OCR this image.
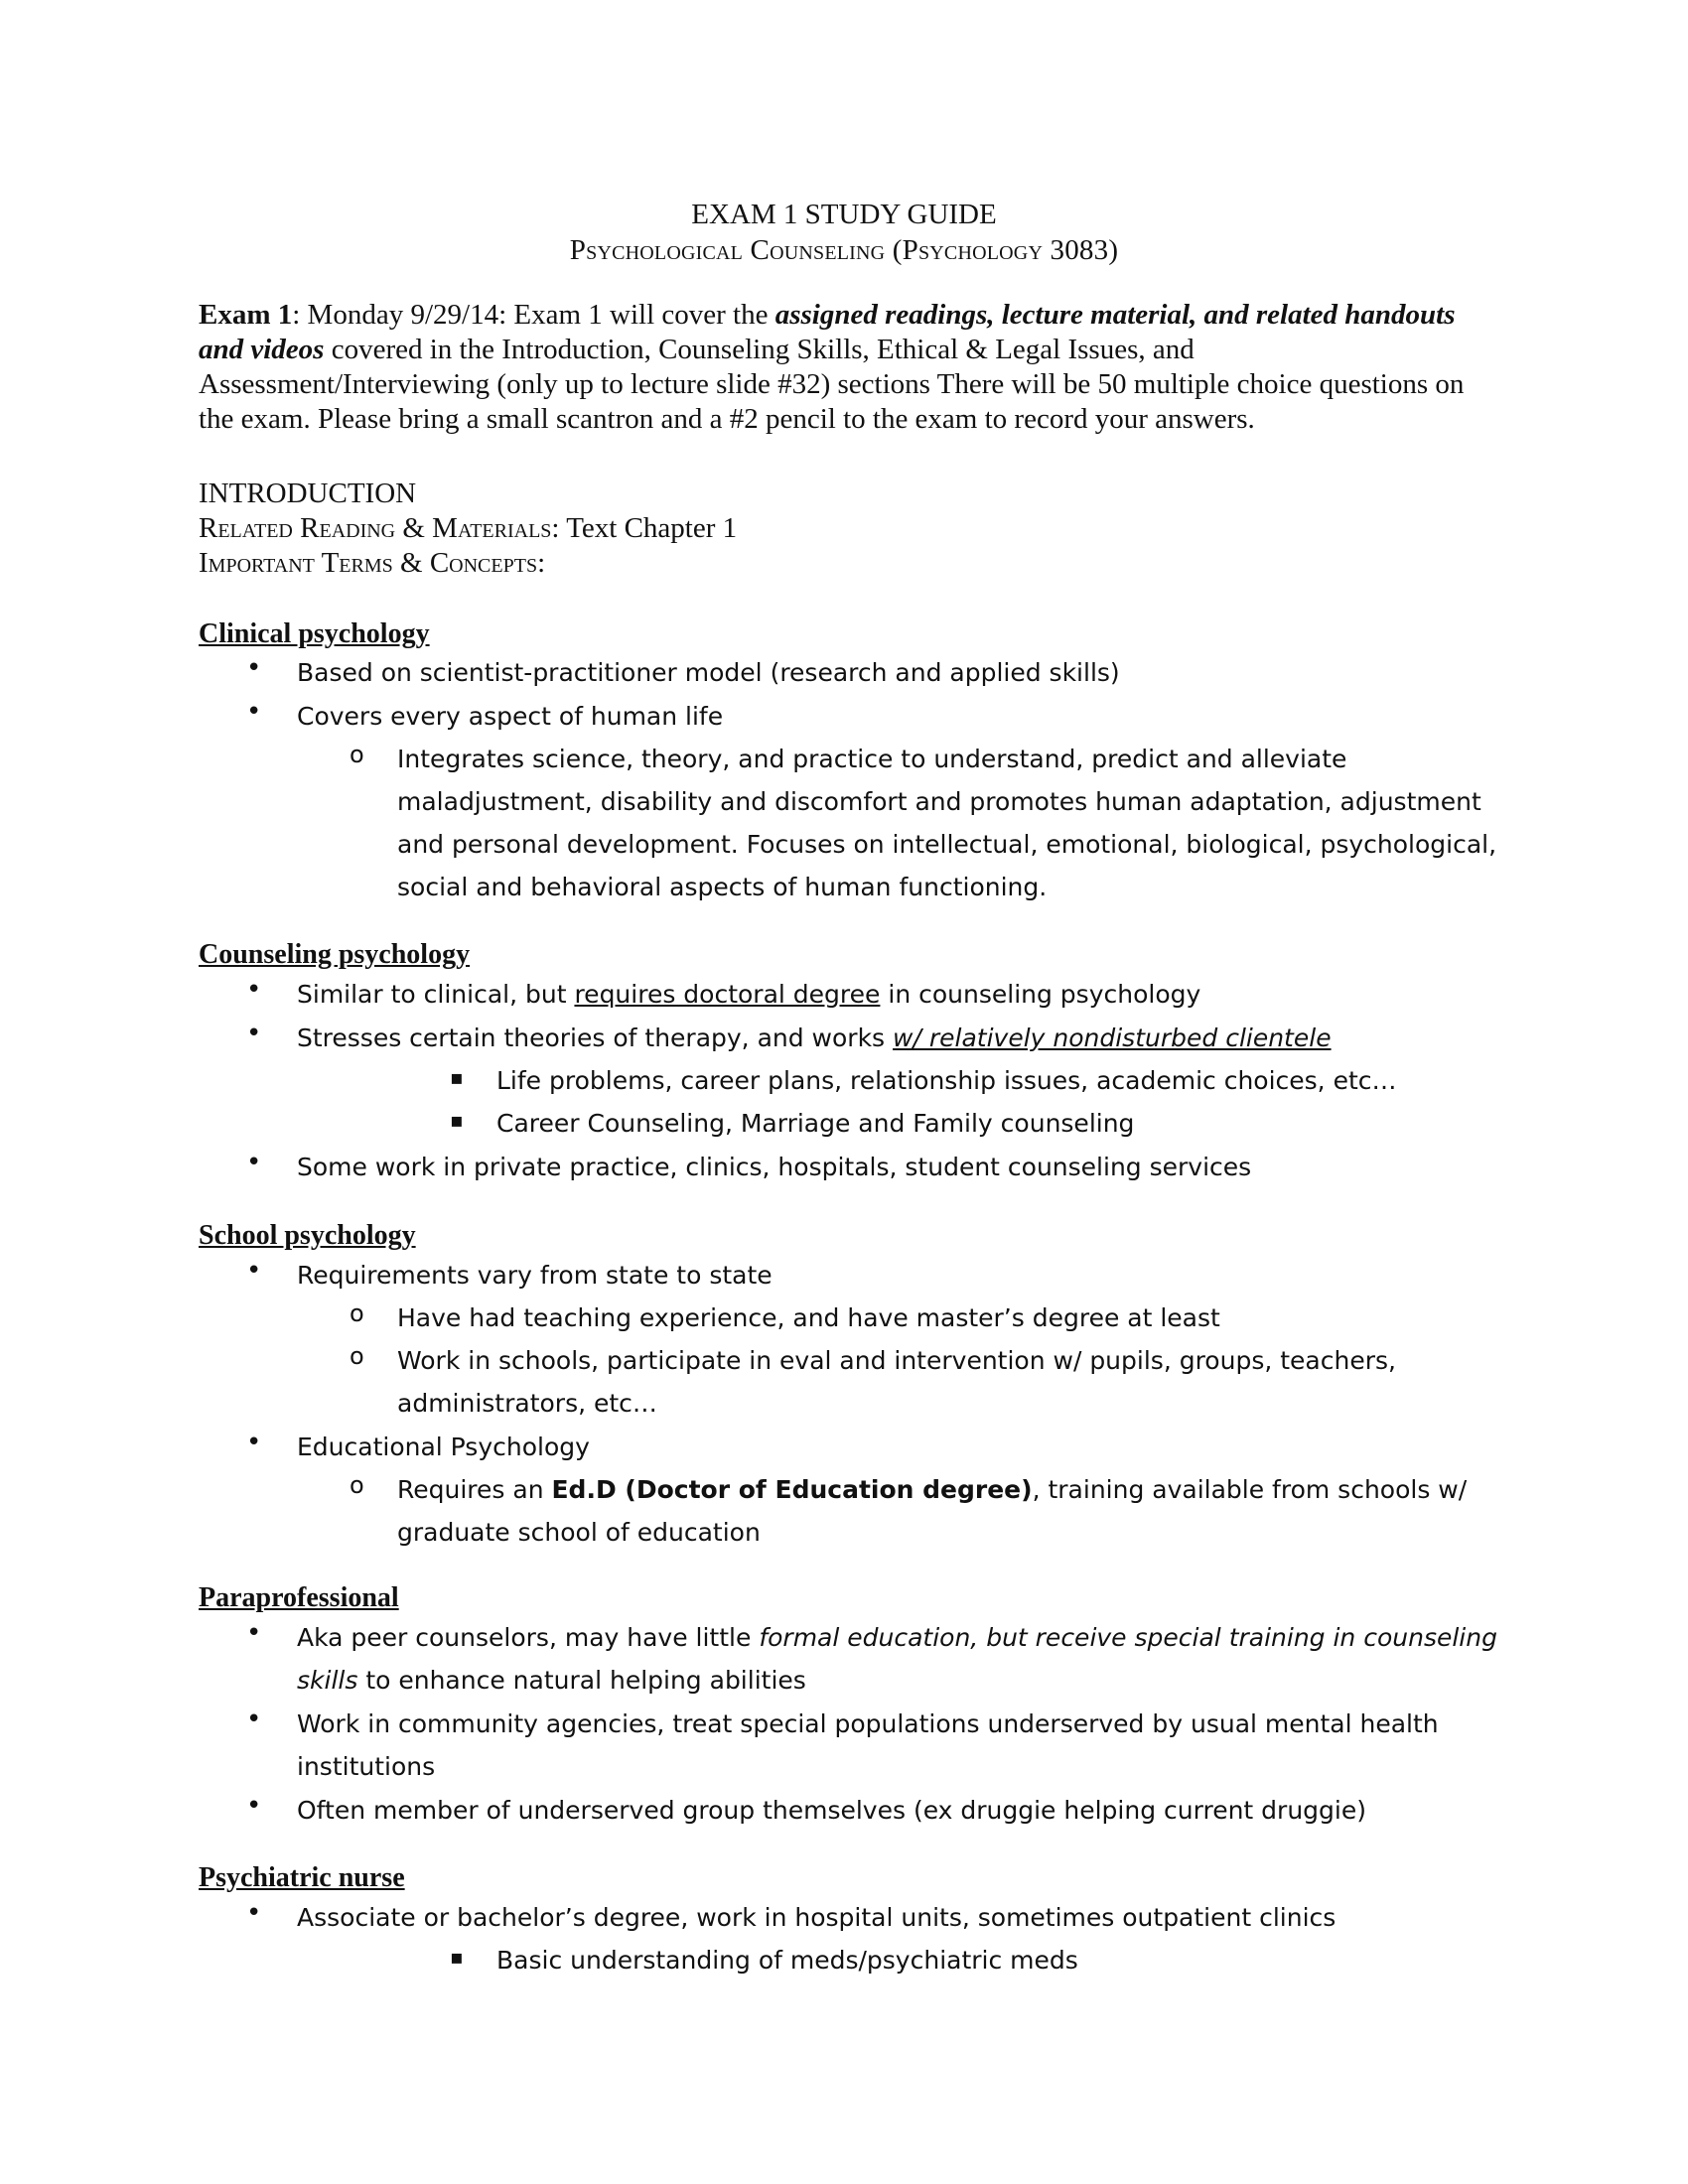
EXAM 1 STUDY GUIDE
Psychological Counseling (Psychology 3083)
Exam 1: Monday 9/29/14: Exam 1 will cover the assigned readings, lecture material, and related handouts and videos covered in the Introduction, Counseling Skills, Ethical & Legal Issues, and Assessment/Interviewing (only up to lecture slide #32) sections There will be 50 multiple choice questions on the exam. Please bring a small scantron and a #2 pencil to the exam to record your answers.
INTRODUCTION
Related Reading & Materials: Text Chapter 1
Important Terms & Concepts:
Clinical psychology
• Based on scientist-practitioner model (research and applied skills)
• Covers every aspect of human life
o Integrates science, theory, and practice to understand, predict and alleviate
maladjustment, disability and discomfort and promotes human adaptation, adjustment
and personal development. Focuses on intellectual, emotional, biological, psychological,
social and behavioral aspects of human functioning.
Counseling psychology
• Similar to clinical, but requires doctoral degree in counseling psychology
• Stresses certain theories of therapy, and works w/ relatively nondisturbed clientele
▪ Life problems, career plans, relationship issues, academic choices, etc…
▪ Career Counseling, Marriage and Family counseling
• Some work in private practice, clinics, hospitals, student counseling services
School psychology
• Requirements vary from state to state
o Have had teaching experience, and have master’s degree at least
o Work in schools, participate in eval and intervention w/ pupils, groups, teachers,
administrators, etc…
• Educational Psychology
o Requires an Ed.D (Doctor of Education degree), training available from schools w/
graduate school of education
Paraprofessional
• Aka peer counselors, may have little formal education, but receive special training in counseling
skills to enhance natural helping abilities
• Work in community agencies, treat special populations underserved by usual mental health
institutions
• Often member of underserved group themselves (ex druggie helping current druggie)
Psychiatric nurse
• Associate or bachelor’s degree, work in hospital units, sometimes outpatient clinics
▪ Basic understanding of meds/psychiatric meds
